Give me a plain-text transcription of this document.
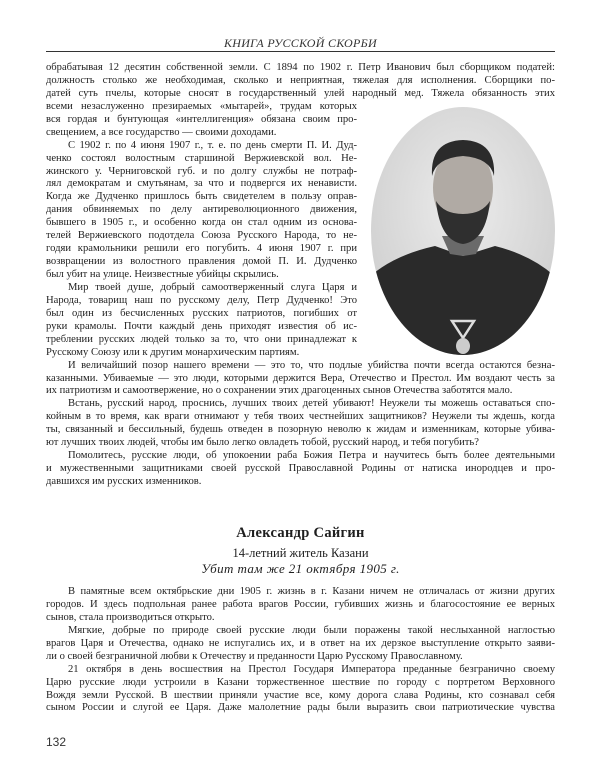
КНИГА РУССКОЙ СКОРБИ
обрабатывая 12 десятин собственной земли. С 1894 по 1902 г. Петр Иванович был сборщиком податей:
должность столько же необходимая, сколько и неприятная, тяжелая для исполнения. Сборщики по-
датей суть пчелы, которые сносят в государственный улей народный мед. Тяжела обязанность этих
всеми незаслуженно презираемых «мытарей», трудам которых
вся гордая и бунтующая «интеллигенция» обязана своим про-
свещением, а все государство — своими доходами.
С 1902 г. по 4 июня 1907 г., т. е. по день смерти П. И. Дуд-
ченко состоял волостным старшиной Вержиевской вол. Не-
жинского у. Черниговской губ. и по долгу службы не потраф-
лял демократам и смутьянам, за что и подвергся их ненависти.
Когда же Дудченко пришлось быть свидетелем в пользу оправ-
дания обвиняемых по делу антиреволюционного движения,
бывшего в 1905 г., и особенно когда он стал одним из основа-
телей Вержиевского подотдела Союза Русского Народа, то не-
годяи крамольники решили его погубить. 4 июня 1907 г. при
возвращении из волостного правления домой П. И. Дудченко
был убит на улице. Неизвестные убийцы скрылись.
Мир твоей душе, добрый самоотверженный слуга Царя и
Народа, товарищ наш по русскому делу, Петр Дудченко! Это
был один из бесчисленных русских патриотов, погибших от
руки крамолы. Почти каждый день приходят известия об ис-
треблении русских людей только за то, что они принадлежат к
Русскому Союзу или к другим монархическим партиям.
И величайший позор нашего времени — это то, что подлые убийства почти всегда остаются безна-
казанными. Убиваемые — это люди, которыми держится Вера, Отечество и Престол. Им воздают честь за
их патриотизм и самоотвержение, но о сохранении этих драгоценных сынов Отечества заботятся мало.
Встань, русский народ, проснись, лучших твоих детей убивают! Неужели ты можешь оставаться спо-
койным в то время, как враги отнимают у тебя твоих честнейших защитников? Неужели ты ждешь, когда
ты, связанный и бессильный, будешь отведен в позорную неволю к жидам и изменникам, которые убива-
ют лучших твоих людей, чтобы им было легко овладеть тобой, русский народ, и тебя погубить?
Помолитесь, русские люди, об упокоении раба Божия Петра и научитесь быть более деятельными
и мужественными защитниками своей русской Православной Родины от натиска инородцев и про-
давшихся им русских изменников.
Александр Сайгин
14-летний житель Казани
Убит там же 21 октября 1905 г.
В памятные всем октябрьские дни 1905 г. жизнь в г. Казани ничем не отличалась от жизни других
городов. И здесь подпольная ранее работа врагов России, губивших жизнь и благосостояние ее верных
сынов, стала производиться открыто.
Мягкие, добрые по природе своей русские люди были поражены такой неслыханной наглостью
врагов Царя и Отечества, однако не испугались их, и в ответ на их дерзкое выступление открыто заяви-
ли о своей безграничной любви к Отечеству и преданности Царю Русскому Православному.
21 октября в день восшествия на Престол Государя Императора преданные безгранично своему
Царю русские люди устроили в Казани торжественное шествие по городу с портретом Верховного
Вождя земли Русской. В шествии приняли участие все, кому дорога слава Родины, кто сознавал себя
сыном России и слугой ее Царя. Даже малолетние рады были выразить свои патриотические чувства
132
